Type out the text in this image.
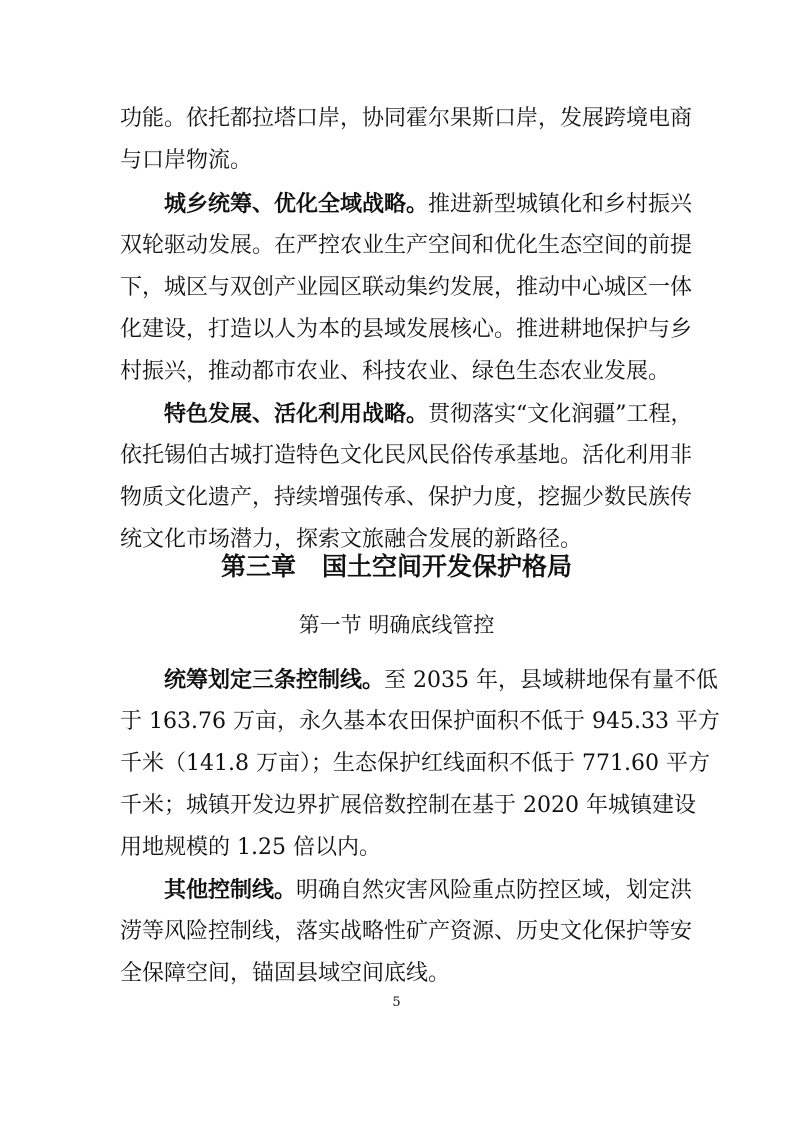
功能。依托都拉塔口岸，协同霍尔果斯口岸，发展跨境电商
与口岸物流。
城乡统筹、优化全域战略。推进新型城镇化和乡村振兴
双轮驱动发展。在严控农业生产空间和优化生态空间的前提
下，城区与双创产业园区联动集约发展，推动中心城区一体
化建设，打造以人为本的县域发展核心。推进耕地保护与乡
村振兴，推动都市农业、科技农业、绿色生态农业发展。
特色发展、活化利用战略。贯彻落实“文化润疆”工程，
依托锡伯古城打造特色文化民风民俗传承基地。活化利用非
物质文化遗产，持续增强传承、保护力度，挖掘少数民族传
统文化市场潜力，探索文旅融合发展的新路径。
第三章   国土空间开发保护格局
第一节 明确底线管控
统筹划定三条控制线。至 2035 年，县域耕地保有量不低
于 163.76 万亩，永久基本农田保护面积不低于 945.33 平方
千米（141.8 万亩）；生态保护红线面积不低于 771.60 平方
千米；城镇开发边界扩展倍数控制在基于 2020 年城镇建设
用地规模的 1.25 倍以内。
其他控制线。明确自然灾害风险重点防控区域，划定洪
涝等风险控制线，落实战略性矿产资源、历史文化保护等安
全保障空间，锚固县域空间底线。
5
